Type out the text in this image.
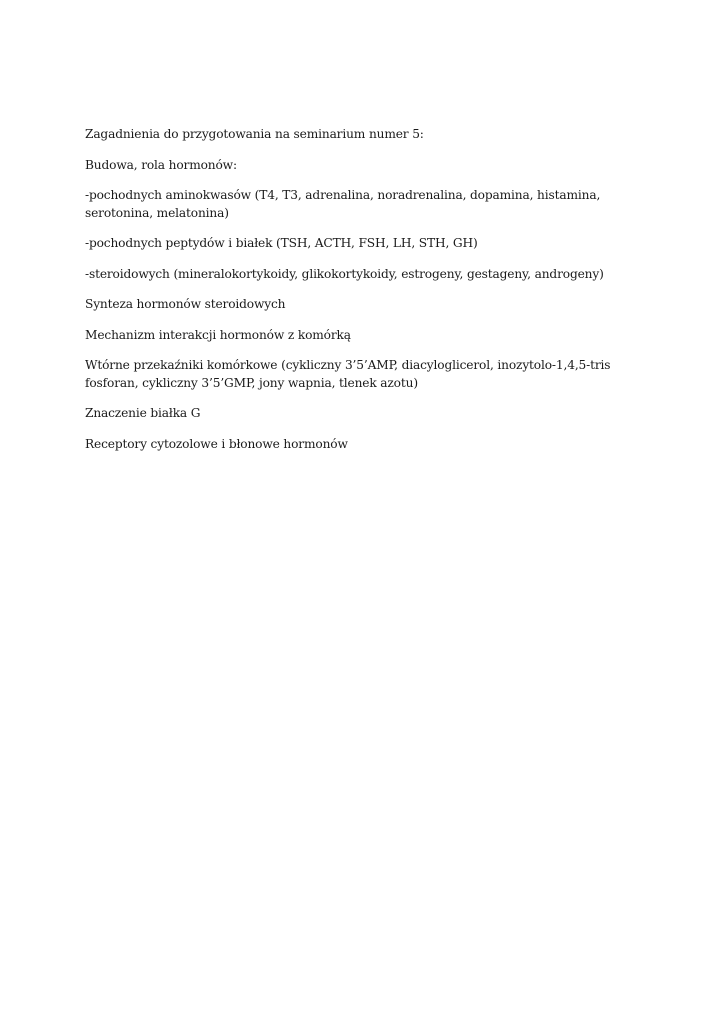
Zagadnienia do przygotowania na seminarium numer 5:

Budowa, rola hormonów:

-pochodnych aminokwasów (T4, T3, adrenalina, noradrenalina, dopamina, histamina, serotonina, melatonina)

-pochodnych peptydów i białek (TSH, ACTH, FSH, LH, STH, GH)

-steroidowych (mineralokortykoidy, glikokortykoidy, estrogeny, gestageny, androgeny)

Synteza hormonów steroidowych

Mechanizm interakcji hormonów z komórką

Wtórne przekaźniki komórkowe (cykliczny 3’5’AMP, diacyloglicerol, inozytolo-1,4,5-tris fosforan, cykliczny 3’5’GMP, jony wapnia, tlenek azotu)

Znaczenie białka G

Receptory cytozolowe i błonowe hormonów
